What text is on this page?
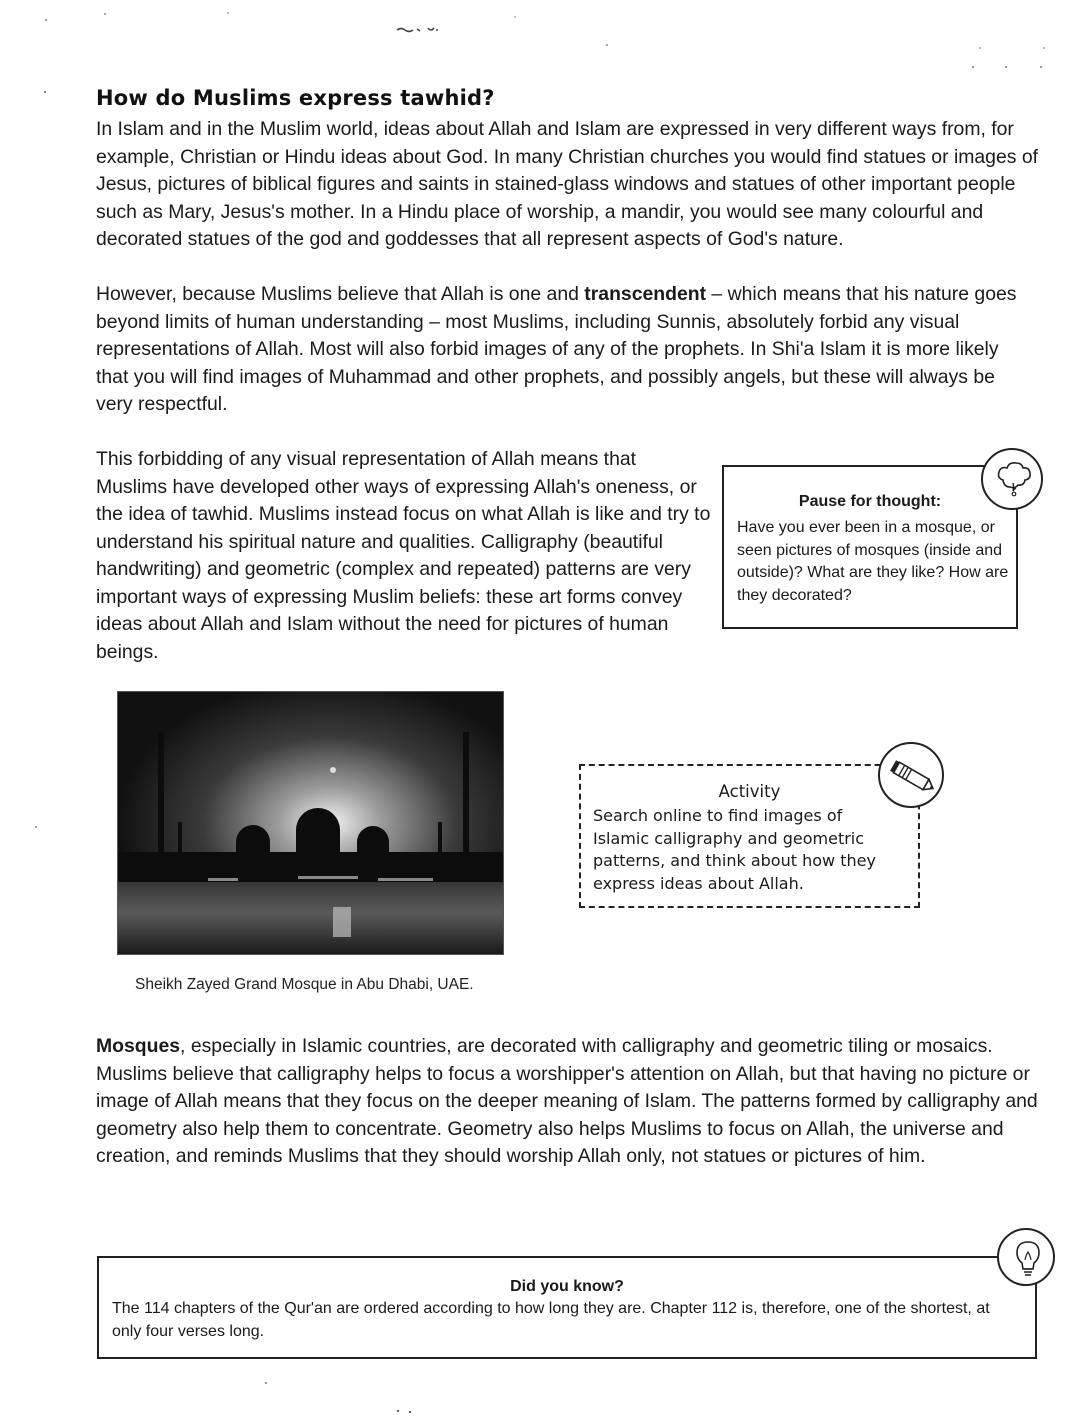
How do Muslims express tawhid?

In Islam and in the Muslim world, ideas about Allah and Islam are expressed in very different ways from, for example, Christian or Hindu ideas about God. In many Christian churches you would find statues or images of Jesus, pictures of biblical figures and saints in stained-glass windows and statues of other important people such as Mary, Jesus's mother. In a Hindu place of worship, a mandir, you would see many colourful and decorated statues of the god and goddesses that all represent aspects of God's nature.

However, because Muslims believe that Allah is one and transcendent – which means that his nature goes beyond limits of human understanding – most Muslims, including Sunnis, absolutely forbid any visual representations of Allah. Most will also forbid images of any of the prophets. In Shi'a Islam it is more likely that you will find images of Muhammad and other prophets, and possibly angels, but these will always be very respectful.

This forbidding of any visual representation of Allah means that Muslims have developed other ways of expressing Allah's oneness, or the idea of tawhid. Muslims instead focus on what Allah is like and try to understand his spiritual nature and qualities. Calligraphy (beautiful handwriting) and geometric (complex and repeated) patterns are very important ways of expressing Muslim beliefs: these art forms convey ideas about Allah and Islam without the need for pictures of human beings.

Pause for thought:

Have you ever been in a mosque, or seen pictures of mosques (inside and outside)? What are they like? How are they decorated?

Sheikh Zayed Grand Mosque in Abu Dhabi, UAE.

Activity

Search online to find images of Islamic calligraphy and geometric patterns, and think about how they express ideas about Allah.

Mosques, especially in Islamic countries, are decorated with calligraphy and geometric tiling or mosaics. Muslims believe that calligraphy helps to focus a worshipper's attention on Allah, but that having no picture or image of Allah means that they focus on the deeper meaning of Islam. The patterns formed by calligraphy and geometry also help them to concentrate. Geometry also helps Muslims to focus on Allah, the universe and creation, and reminds Muslims that they should worship Allah only, not statues or pictures of him.

Did you know?

The 114 chapters of the Qur'an are ordered according to how long they are. Chapter 112 is, therefore, one of the shortest, at only four verses long.
